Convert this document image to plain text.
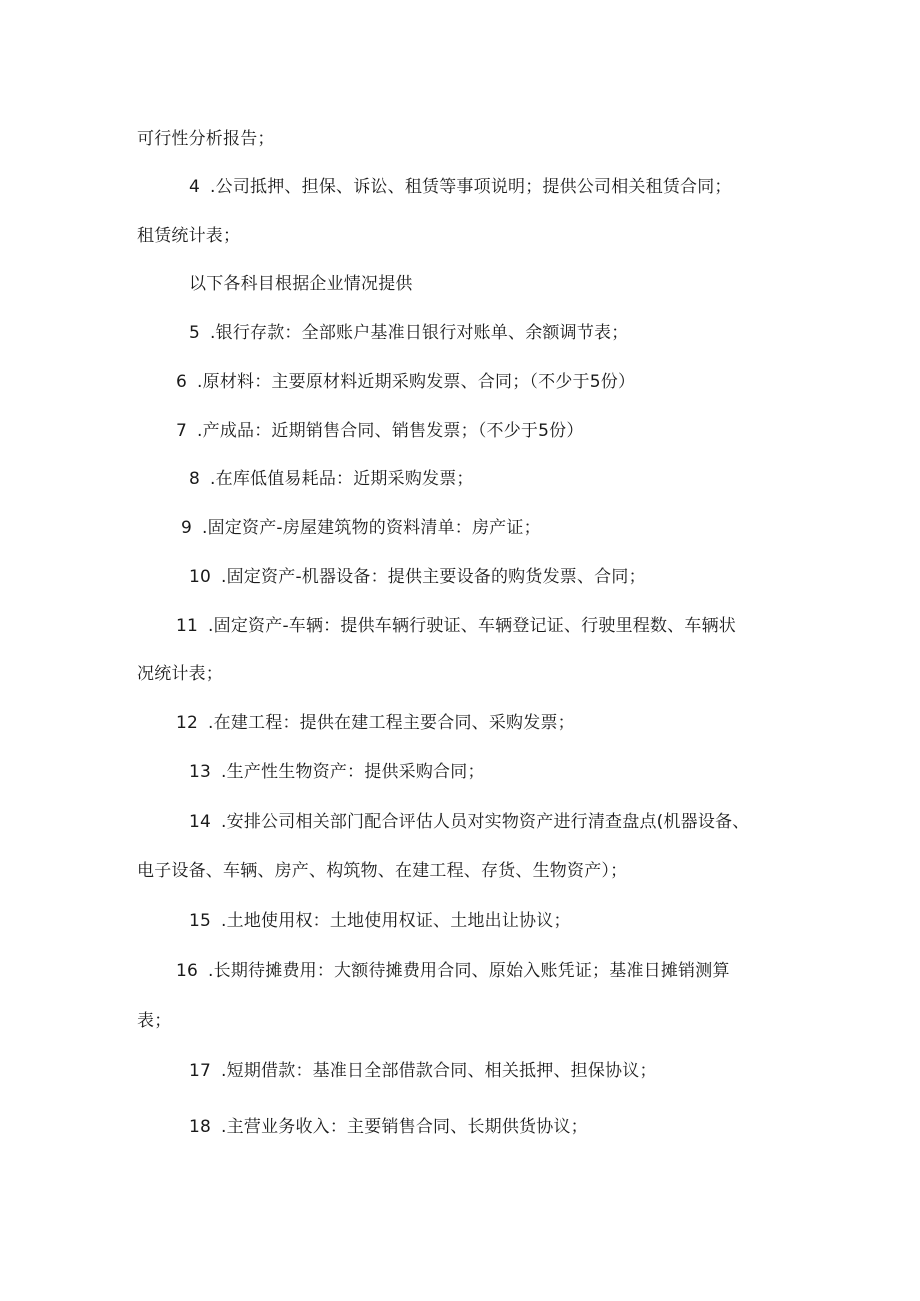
可行性分析报告；
4 .公司抵押、担保、诉讼、租赁等事项说明；提供公司相关租赁合同；
租赁统计表；
以下各科目根据企业情况提供
5 .银行存款：全部账户基准日银行对账单、余额调节表；
6 .原材料：主要原材料近期采购发票、合同；（不少于5份）
7 .产成品：近期销售合同、销售发票；（不少于5份）
8 .在库低值易耗品：近期采购发票；
9 .固定资产-房屋建筑物的资料清单：房产证；
10 .固定资产-机器设备：提供主要设备的购货发票、合同；
11 .固定资产-车辆：提供车辆行驶证、车辆登记证、行驶里程数、车辆状
况统计表；
12 .在建工程：提供在建工程主要合同、采购发票；
13 .生产性生物资产：提供采购合同；
14 .安排公司相关部门配合评估人员对实物资产进行清查盘点(机器设备、
电子设备、车辆、房产、构筑物、在建工程、存货、生物资产）；
15 .土地使用权：土地使用权证、土地出让协议；
16 .长期待摊费用：大额待摊费用合同、原始入账凭证；基准日摊销测算
表；
17 .短期借款：基准日全部借款合同、相关抵押、担保协议；
18 .主营业务收入：主要销售合同、长期供货协议；
